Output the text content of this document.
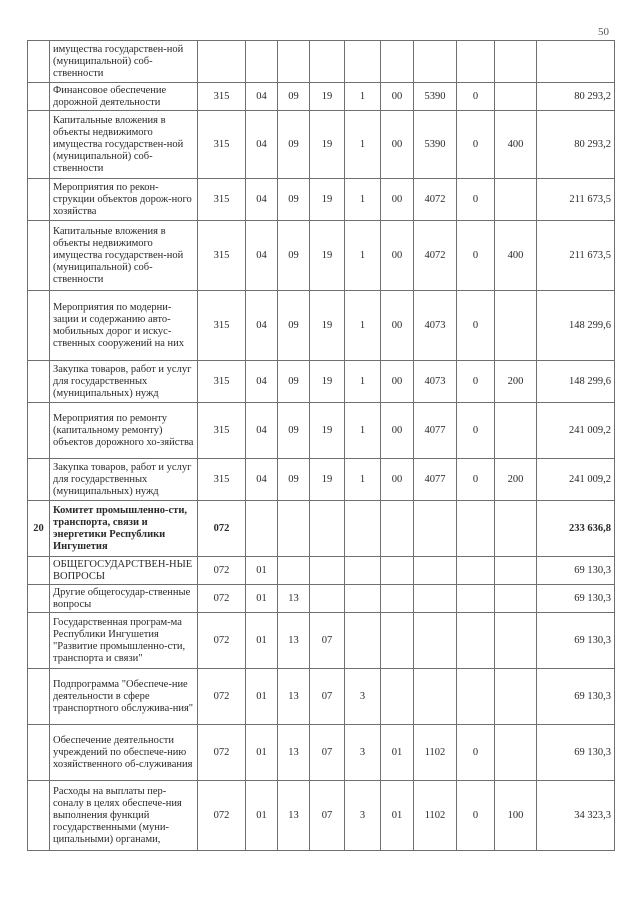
50
	имущества государствен-ной (муниципальной) соб-ственности										
	Финансовое обеспечение дорожной деятельности	315	04	09	19	1	00	5390	0		80 293,2
	Капитальные вложения в объекты недвижимого имущества государствен-ной (муниципальной) соб-ственности	315	04	09	19	1	00	5390	0	400	80 293,2
	Мероприятия по рекон-струкции объектов дорож-ного хозяйства	315	04	09	19	1	00	4072	0		211 673,5
	Капитальные вложения в объекты недвижимого имущества государствен-ной (муниципальной) соб-ственности	315	04	09	19	1	00	4072	0	400	211 673,5
	Мероприятия по модерни-зации и содержанию авто-мобильных дорог и искус-ственных сооружений на них	315	04	09	19	1	00	4073	0		148 299,6
	Закупка товаров, работ и услуг для государственных (муниципальных) нужд	315	04	09	19	1	00	4073	0	200	148 299,6
	Мероприятия по ремонту (капитальному ремонту) объектов дорожного хо-зяйства	315	04	09	19	1	00	4077	0		241 009,2
	Закупка товаров, работ и услуг для государственных (муниципальных) нужд	315	04	09	19	1	00	4077	0	200	241 009,2
20	Комитет промышленно-сти, транспорта, связи и энергетики Республики Ингушетия	072									233 636,8
	ОБЩЕГОСУДАРСТВЕН-НЫЕ ВОПРОСЫ	072	01								69 130,3
	Другие общегосудар-ственные вопросы	072	01	13							69 130,3
	Государственная програм-ма Республики Ингушетия "Развитие промышленно-сти, транспорта и связи"	072	01	13	07						69 130,3
	Подпрограмма "Обеспече-ние деятельности в сфере транспортного обслужива-ния"	072	01	13	07	3					69 130,3
	Обеспечение деятельности учреждений по обеспече-нию хозяйственного об-служивания	072	01	13	07	3	01	1102	0		69 130,3
	Расходы на выплаты пер-соналу в целях обеспече-ния выполнения функций государственными (муни-ципальными) органами,	072	01	13	07	3	01	1102	0	100	34 323,3
